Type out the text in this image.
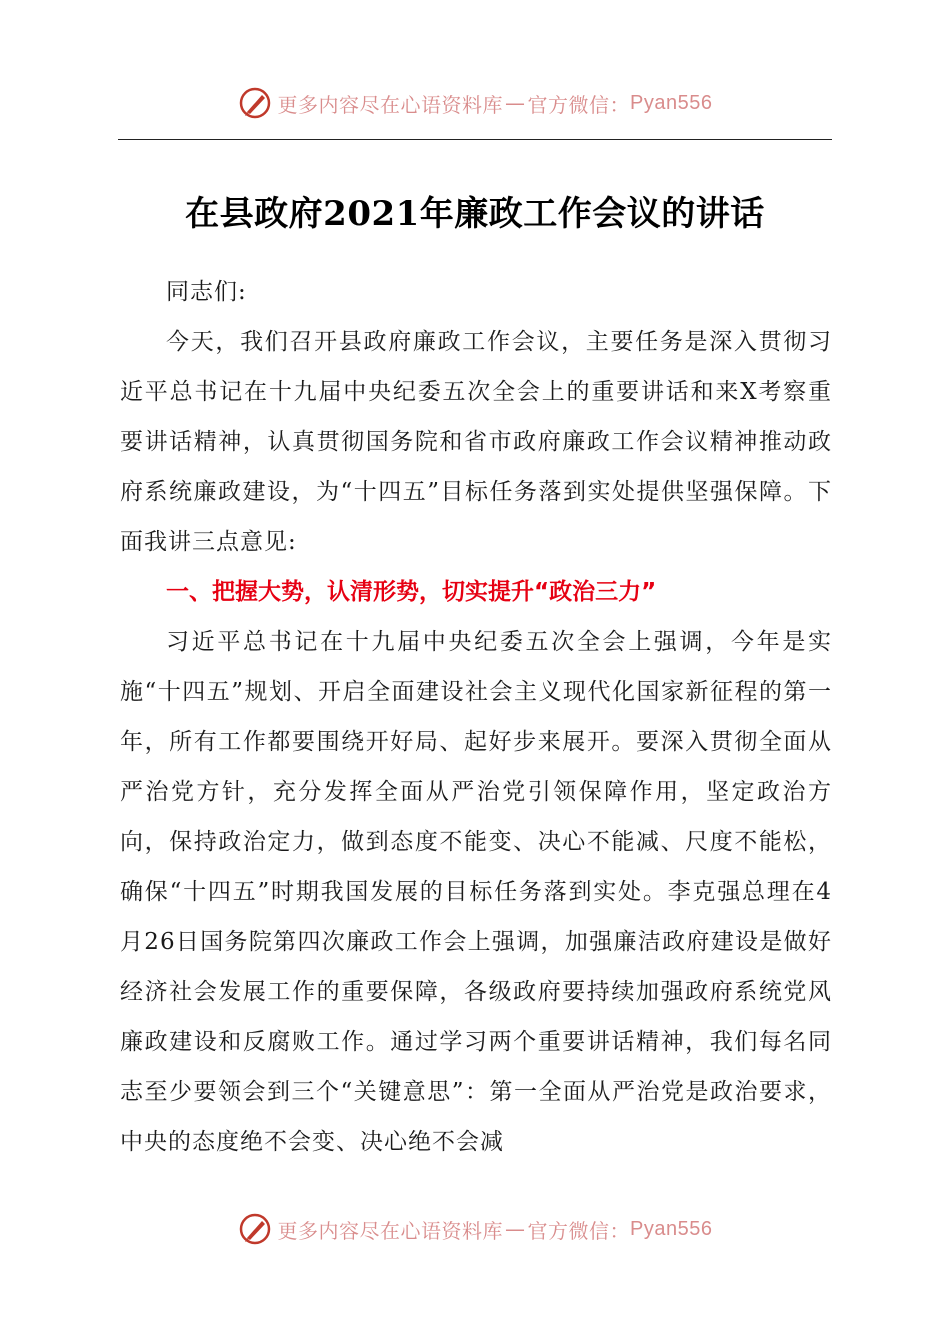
更多内容尽在心语资料库 — 官方微信： Pyan556
在县政府2021年廉政工作会议的讲话

同志们:

今天，我们召开县政府廉政工作会议，主要任务是深入贯彻习近平总书记在十九届中央纪委五次全会上的重要讲话和来X考察重要讲话精神，认真贯彻国务院和省市政府廉政工作会议精神推动政府系统廉政建设，为“十四五”目标任务落到实处提供坚强保障。下面我讲三点意见:

一、把握大势，认清形势，切实提升“政治三力”

习近平总书记在十九届中央纪委五次全会上强调，今年是实施“十四五”规划、开启全面建设社会主义现代化国家新征程的第一年，所有工作都要围绕开好局、起好步来展开。要深入贯彻全面从严治党方针，充分发挥全面从严治党引领保障作用，坚定政治方向，保持政治定力，做到态度不能变、决心不能减、尺度不能松，确保“十四五”时期我国发展的目标任务落到实处。李克强总理在4月26日国务院第四次廉政工作会上强调，加强廉洁政府建设是做好经济社会发展工作的重要保障，各级政府要持续加强政府系统党风廉政建设和反腐败工作。通过学习两个重要讲话精神，我们每名同志至少要领会到三个“关键意思”：第一全面从严治党是政治要求，中央的态度绝不会变、决心绝不会减

更多内容尽在心语资料库 — 官方微信： Pyan556
